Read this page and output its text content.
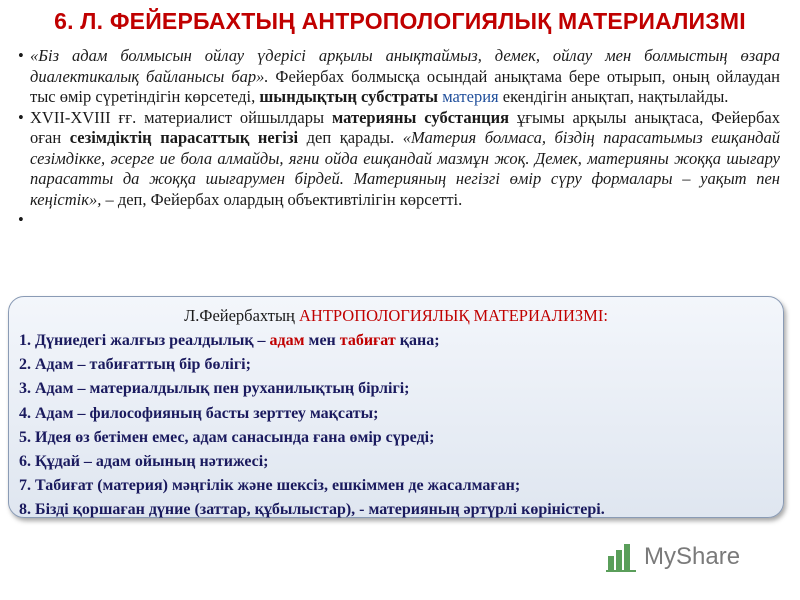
6. Л. ФЕЙЕРБАХТЫҢ АНТРОПОЛОГИЯЛЫҚ МАТЕРИАЛИЗМІ
• «Біз адам болмысын ойлау үдерісі арқылы анықтаймыз, демек, ойлау мен болмыстың өзара диалектикалық байланысы бар». Фейербах болмысқа осындай анықтама бере отырып, оның ойлаудан тыс өмір сүретіндігін көрсетеді, шындықтың субстраты материя екендігін анықтап, нақтылайды.
• XVII-XVIII ғғ. материалист ойшылдары материяны субстанция ұғымы арқылы анықтаса, Фейербах оған сезімдіктің парасаттық негізі деп қарады. «Материя болмаса, біздің парасатымыз ешқандай сезімдікке, әсерге ие бола алмайды, яғни ойда ешқандай мазмұн жоқ. Демек, материяны жоққа шығару парасатты да жоққа шығарумен бірдей. Материяның негізгі өмір сүру формалары – уақыт пен кеңістік», – деп, Фейербах олардың объективтілігін көрсетті.
•
Л.Фейербахтың АНТРОПОЛОГИЯЛЫҚ МАТЕРИАЛИЗМІ:
1. Дүниедегі жалғыз реалдылық – адам мен табиғат қана;
2. Адам – табиғаттың бір бөлігі;
3. Адам – материалдылық пен руханилықтың бірлігі;
4. Адам – философияның басты зерттеу мақсаты;
5. Идея өз бетімен емес, адам санасында ғана өмір сүреді;
6. Құдай – адам ойының нәтижесі;
7. Табиғат (материя) мәңгілік және шексіз, ешкіммен де жасалмаған;
8. Бізді қоршаған дүние (заттар, құбылыстар), - материяның әртүрлі көріністері.
MyShare
